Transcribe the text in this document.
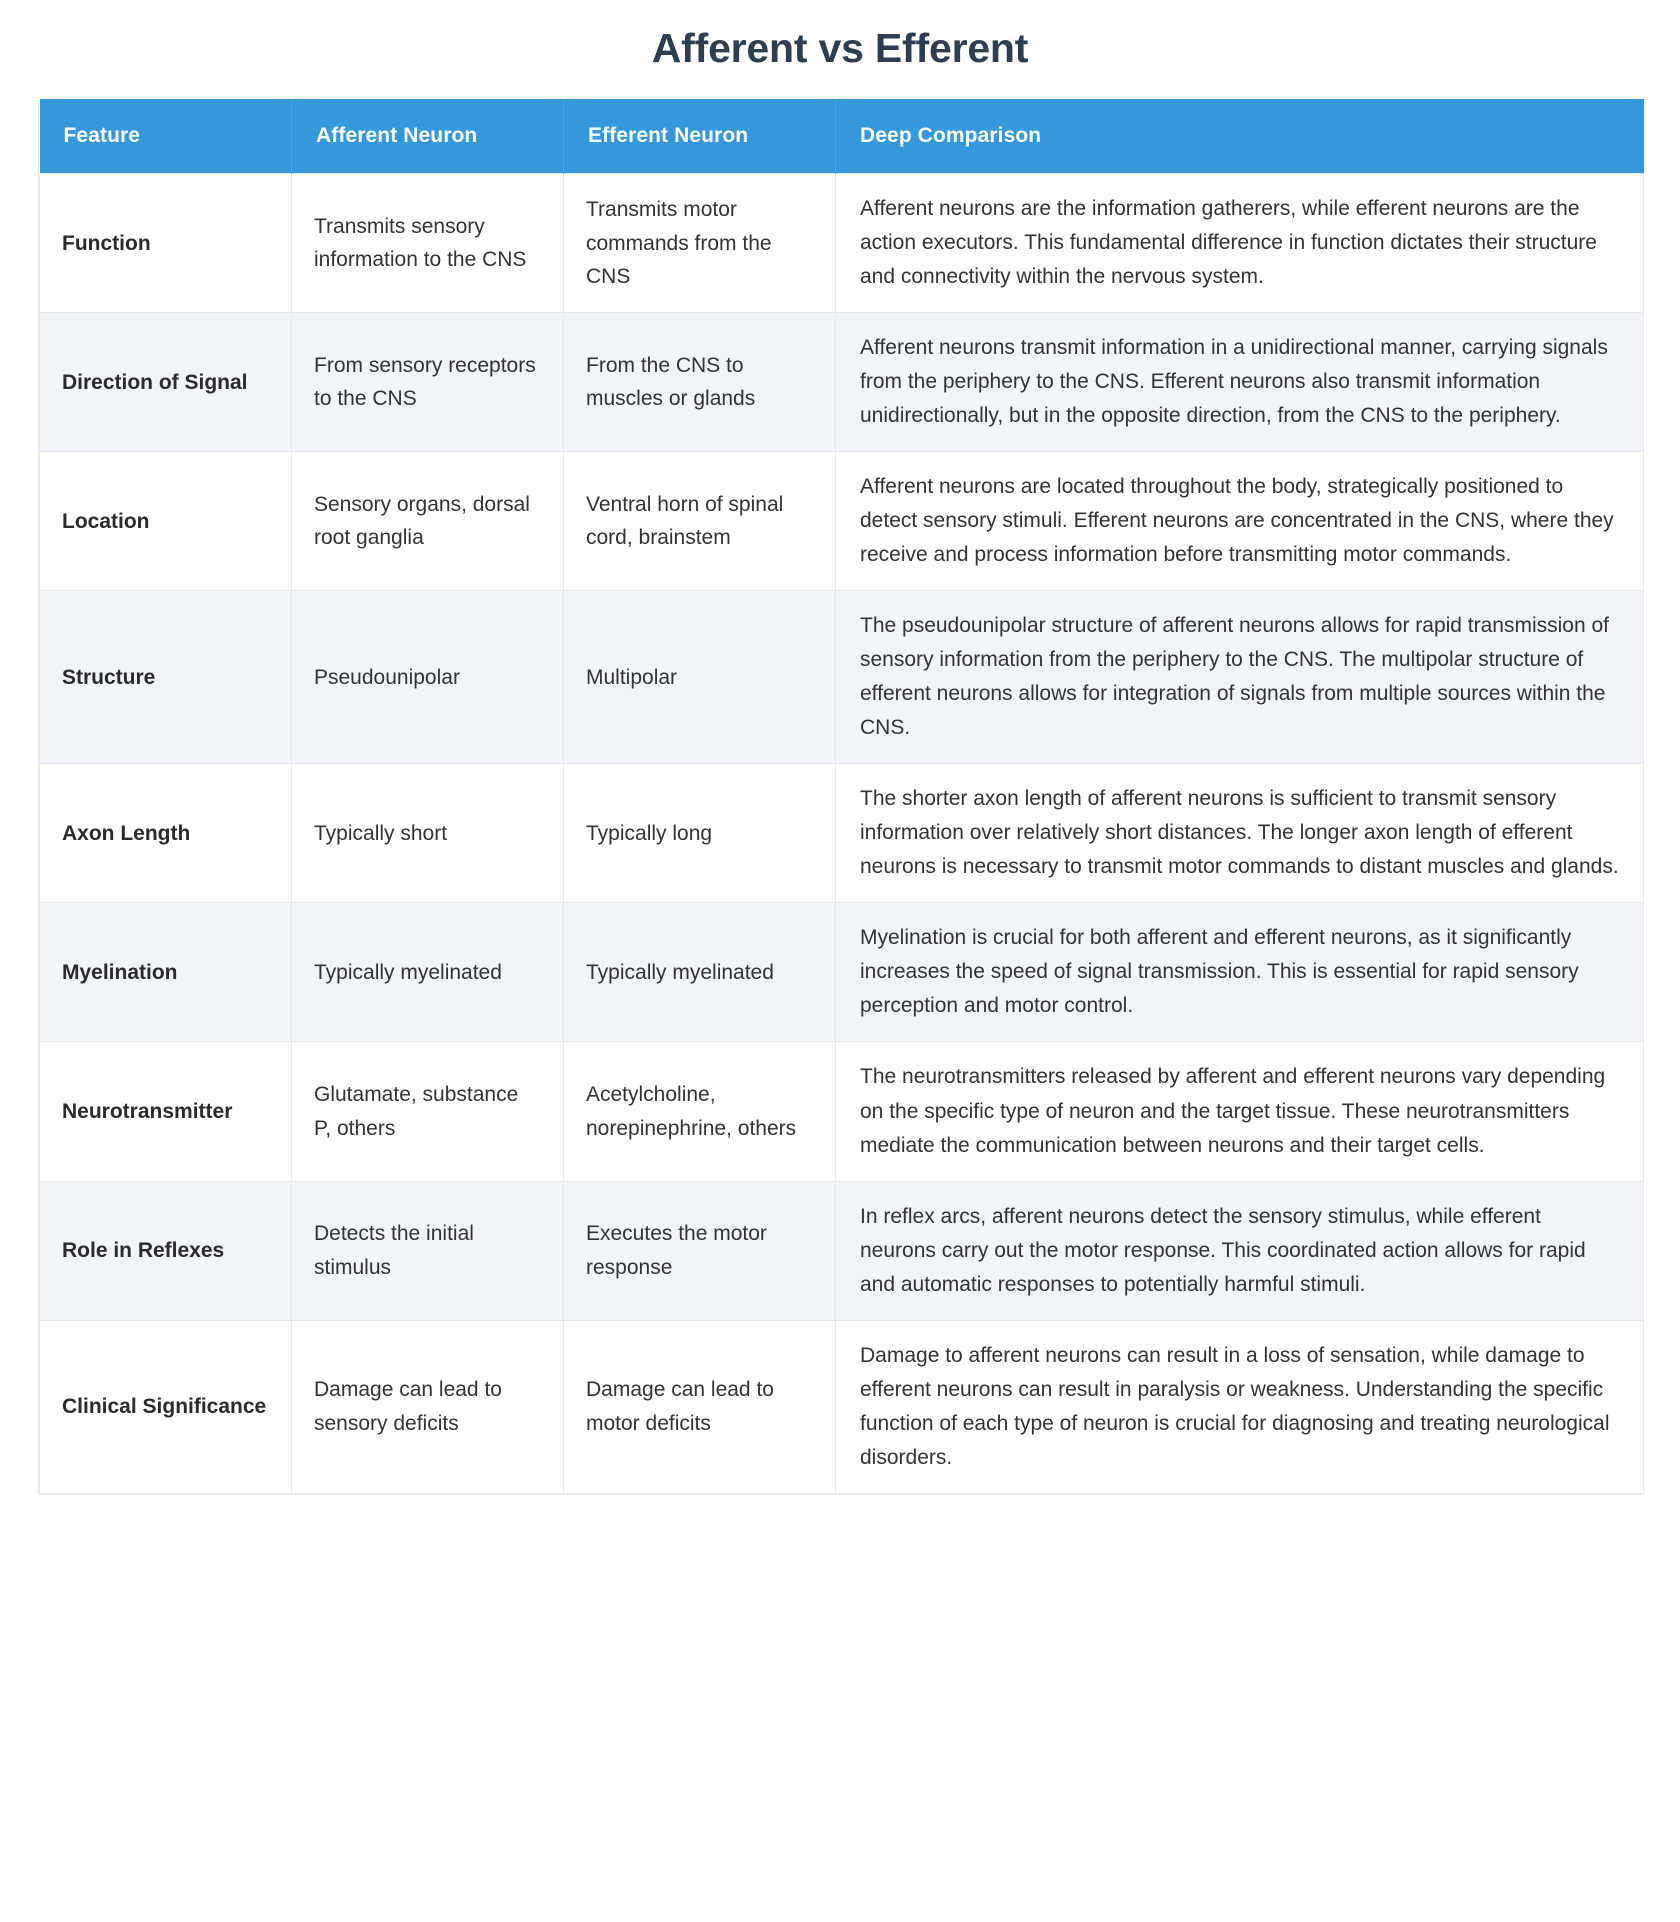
Afferent vs Efferent
Feature	Afferent Neuron	Efferent Neuron	Deep Comparison
Function	Transmits sensory information to the CNS	Transmits motor commands from the CNS	Afferent neurons are the information gatherers, while efferent neurons are the action executors. This fundamental difference in function dictates their structure and connectivity within the nervous system.
Direction of Signal	From sensory receptors to the CNS	From the CNS to muscles or glands	Afferent neurons transmit information in a unidirectional manner, carrying signals from the periphery to the CNS. Efferent neurons also transmit information unidirectionally, but in the opposite direction, from the CNS to the periphery.
Location	Sensory organs, dorsal root ganglia	Ventral horn of spinal cord, brainstem	Afferent neurons are located throughout the body, strategically positioned to detect sensory stimuli. Efferent neurons are concentrated in the CNS, where they receive and process information before transmitting motor commands.
Structure	Pseudounipolar	Multipolar	The pseudounipolar structure of afferent neurons allows for rapid transmission of sensory information from the periphery to the CNS. The multipolar structure of efferent neurons allows for integration of signals from multiple sources within the CNS.
Axon Length	Typically short	Typically long	The shorter axon length of afferent neurons is sufficient to transmit sensory information over relatively short distances. The longer axon length of efferent neurons is necessary to transmit motor commands to distant muscles and glands.
Myelination	Typically myelinated	Typically myelinated	Myelination is crucial for both afferent and efferent neurons, as it significantly increases the speed of signal transmission. This is essential for rapid sensory perception and motor control.
Neurotransmitter	Glutamate, substance P, others	Acetylcholine, norepinephrine, others	The neurotransmitters released by afferent and efferent neurons vary depending on the specific type of neuron and the target tissue. These neurotransmitters mediate the communication between neurons and their target cells.
Role in Reflexes	Detects the initial stimulus	Executes the motor response	In reflex arcs, afferent neurons detect the sensory stimulus, while efferent neurons carry out the motor response. This coordinated action allows for rapid and automatic responses to potentially harmful stimuli.
Clinical Significance	Damage can lead to sensory deficits	Damage can lead to motor deficits	Damage to afferent neurons can result in a loss of sensation, while damage to efferent neurons can result in paralysis or weakness. Understanding the specific function of each type of neuron is crucial for diagnosing and treating neurological disorders.
